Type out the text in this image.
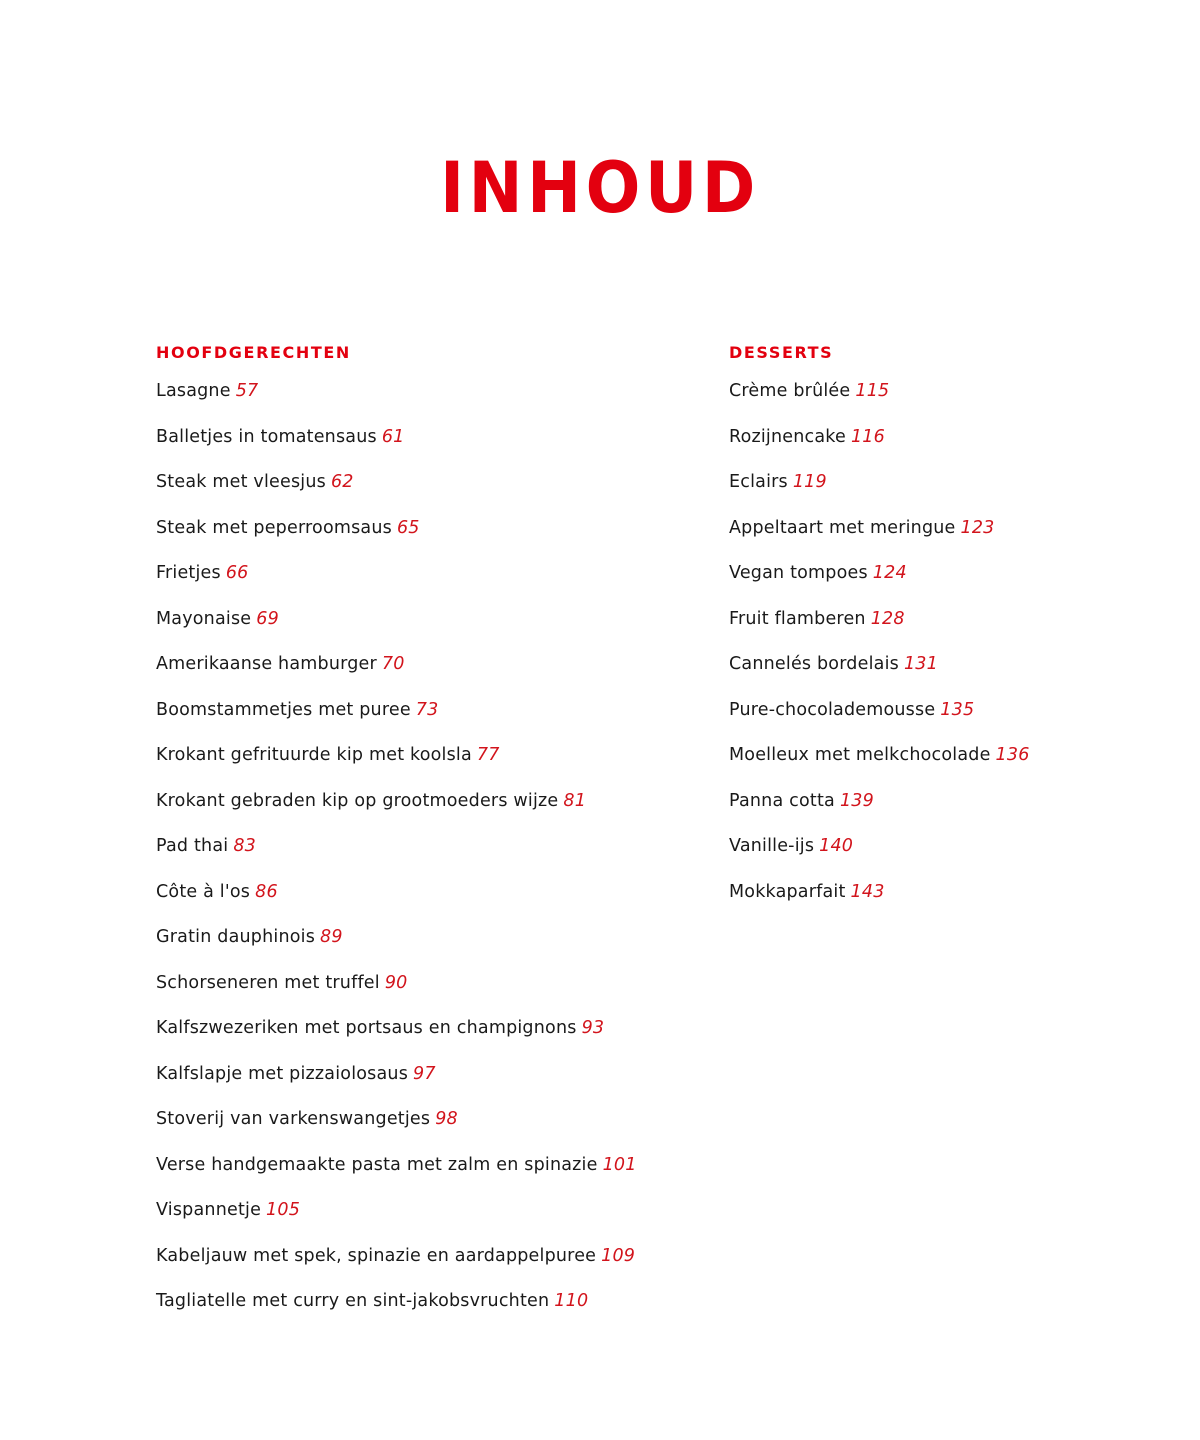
INHOUD
HOOFDGERECHTEN
Lasagne 57
Balletjes in tomatensaus 61
Steak met vleesjus 62
Steak met peperroomsaus 65
Frietjes 66
Mayonaise 69
Amerikaanse hamburger 70
Boomstammetjes met puree 73
Krokant gefrituurde kip met koolsla 77
Krokant gebraden kip op grootmoeders wijze 81
Pad thai 83
Côte à l'os 86
Gratin dauphinois 89
Schorseneren met truffel 90
Kalfszwezeriken met portsaus en champignons 93
Kalfslapje met pizzaiolosaus 97
Stoverij van varkenswangetjes 98
Verse handgemaakte pasta met zalm en spinazie 101
Vispannetje 105
Kabeljauw met spek, spinazie en aardappelpuree 109
Tagliatelle met curry en sint-jakobsvruchten 110
DESSERTS
Crème brûlée 115
Rozijnencake 116
Eclairs 119
Appeltaart met meringue 123
Vegan tompoes 124
Fruit flamberen 128
Cannelés bordelais 131
Pure-chocolademousse 135
Moelleux met melkchocolade 136
Panna cotta 139
Vanille-ijs 140
Mokkaparfait 143
